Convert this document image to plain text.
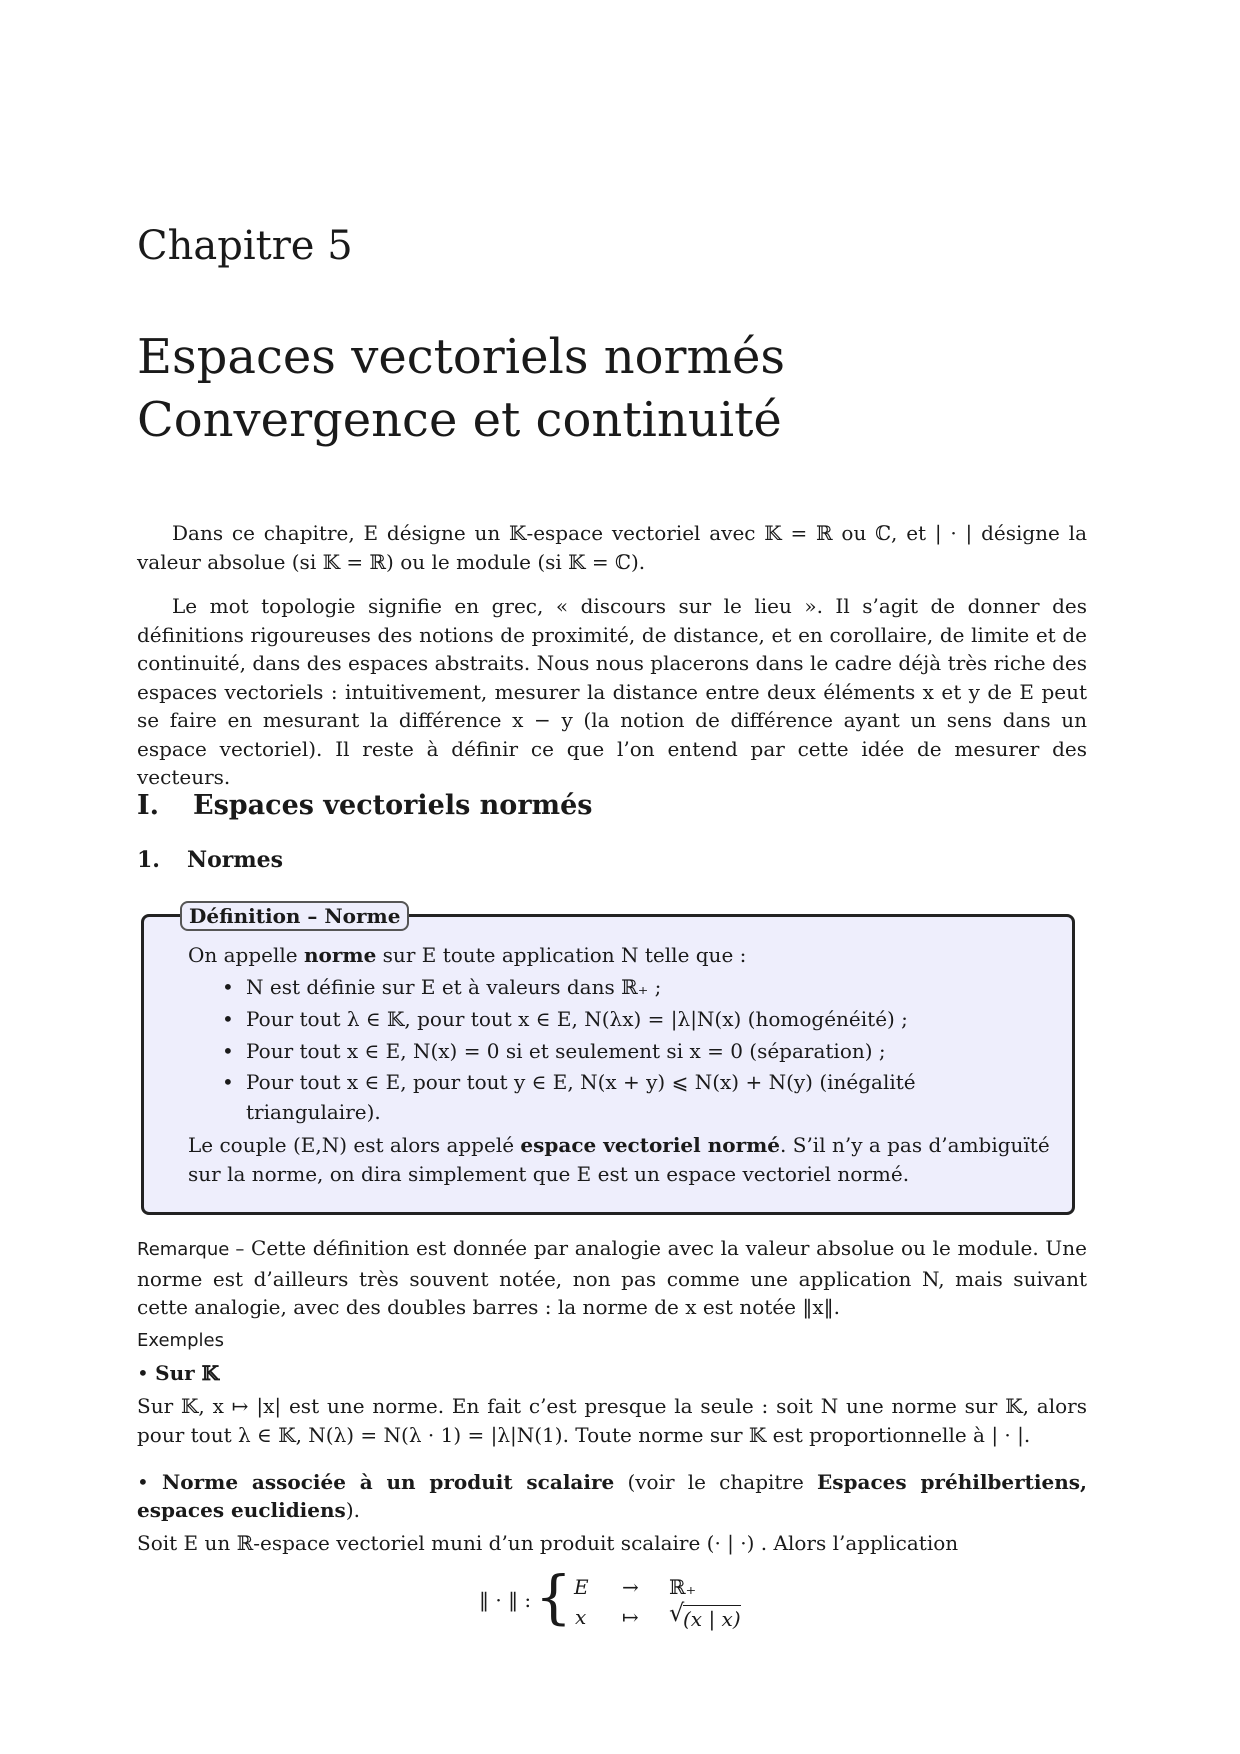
Chapitre 5
Espaces vectoriels normés
Convergence et continuité

Dans ce chapitre, E désigne un 𝕂-espace vectoriel avec 𝕂 = ℝ ou ℂ, et | · | désigne la valeur absolue (si 𝕂 = ℝ) ou le module (si 𝕂 = ℂ).

Le mot topologie signifie en grec, « discours sur le lieu ». Il s’agit de donner des définitions rigoureuses des notions de proximité, de distance, et en corollaire, de limite et de continuité, dans des espaces abstraits. Nous nous placerons dans le cadre déjà très riche des espaces vectoriels : intuitivement, mesurer la distance entre deux éléments x et y de E peut se faire en mesurant la différence x − y (la notion de différence ayant un sens dans un espace vectoriel). Il reste à définir ce que l’on entend par cette idée de mesurer des vecteurs.

I. Espaces vectoriels normés
1. Normes
Définition – Norme
On appelle norme sur E toute application N telle que :
• N est définie sur E et à valeurs dans ℝ₊ ;
• Pour tout λ ∈ 𝕂, pour tout x ∈ E, N(λx) = |λ|N(x) (homogénéité) ;
• Pour tout x ∈ E, N(x) = 0 si et seulement si x = 0 (séparation) ;
• Pour tout x ∈ E, pour tout y ∈ E, N(x + y) ⩽ N(x) + N(y) (inégalité triangulaire).
Le couple (E,N) est alors appelé espace vectoriel normé. S’il n’y a pas d’ambiguïté sur la norme, on dira simplement que E est un espace vectoriel normé.

Remarque – Cette définition est donnée par analogie avec la valeur absolue ou le module. Une norme est d’ailleurs très souvent notée, non pas comme une application N, mais suivant cette analogie, avec des doubles barres : la norme de x est notée ‖x‖.

Exemples
• Sur 𝕂

Sur 𝕂, x ↦ |x| est une norme. En fait c’est presque la seule : soit N une norme sur 𝕂, alors pour tout λ ∈ 𝕂, N(λ) = N(λ · 1) = |λ|N(1). Toute norme sur 𝕂 est proportionnelle à | · |.

• Norme associée à un produit scalaire (voir le chapitre Espaces préhilbertiens, espaces euclidiens).

Soit E un ℝ-espace vectoriel muni d’un produit scalaire (· | ·) . Alors l’application

‖ · ‖ : { E → ℝ₊
x ↦ √
(x | x)
